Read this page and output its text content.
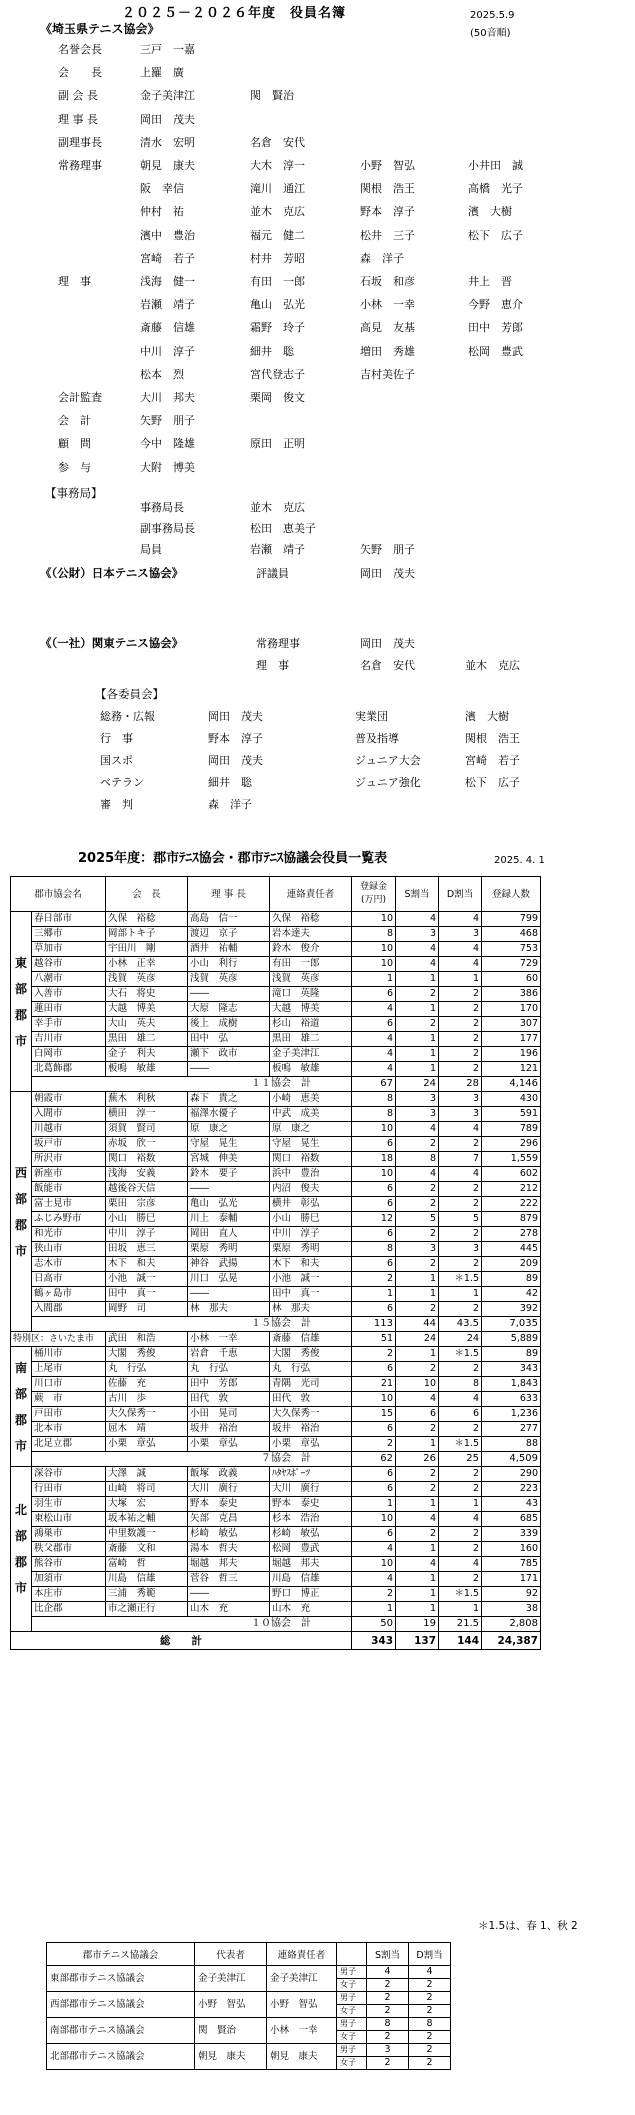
２０２５－２０２６年度　役員名簿	2025.5.9
(50音順)
《埼玉県テニス協会》
名誉会長	三戸　一嘉
会　　長	上羅　廣
副 会 長	金子美津江	関　賢治
理 事 長	岡田　茂夫
副理事長	清水　宏明	名倉　安代
常務理事	朝見　康夫	大木　淳一	小野　智弘	小井田　誠
阪　幸信	滝川　通江	関根　浩王	高橋　光子
仲村　祐	並木　克広	野本　淳子	濱　大樹
濱中　豊治	福元　健二	松井　三子	松下　広子
宮崎　若子	村井　芳昭	森　洋子
理　事	浅海　健一	有田　一郎	石坂　和彦	井上　晋
岩瀬　靖子	亀山　弘光	小林　一幸	今野　恵介
斎藤　信雄	霜野　玲子	高見　友基	田中　芳郎
中川　淳子	細井　聡	増田　秀雄	松岡　豊武
松本　烈	宮代登志子	吉村美佐子
会計監査	大川　邦夫	栗岡　俊文
会　計	矢野　朋子
顧　問	今中　隆雄	原田　正明
参　与	大附　博美
【事務局】
事務局長	並木　克広
副事務局長	松田　恵美子
局員	岩瀬　靖子	矢野　朋子
《（公財）日本テニス協会》	評議員	岡田　茂夫
《（一社）関東テニス協会》	常務理事	岡田　茂夫
理　事	名倉　安代	並木　克広
【各委員会】
総務・広報	岡田　茂夫	実業団	濱　大樹
行　事	野本　淳子	普及指導	関根　浩王
国スポ	岡田　茂夫	ジュニア大会	宮崎　若子
ベテラン	細井　聡	ジュニア強化	松下　広子
審　判	森　洋子
2025年度：郡市ﾃﾆｽ協会・郡市ﾃﾆｽ協議会役員一覧表	2025. 4. 1
郡市協会名		会　長	理 事 長	連絡責任者	登録金
(万円)	S割当	D割当	登録人数

東
部
郡
市	春日部市	久保　裕稔	高島　信一	久保　裕稔	10	4	4	799
	三郷市	岡部トキ子	渡辺　京子	岩本達夫	8	3	3	468
	草加市	宇田川　剛	酒井　祐輔	鈴木　俊介	10	4	4	753
	越谷市	小林　正幸	小山　利行	有田　一郎	10	4	4	729
	八潮市	浅賀　英彦	浅賀　英彦	浅賀　英彦	1	1	1	60
	入善市	大石　将史	――	滝口　英隆	6	2	2	386
	蓮田市	大越　博美	大原　隆志	大越　博美	4	1	2	170
	幸手市	大山　英夫	後上　成樹	杉山　裕道	6	2	2	307
	吉川市	黒田　雄二	田中　弘	黒田　雄二	4	1	2	177
	白岡市	金子　利夫	瀬下　政市	金子美津江	4	1	2	196
	北葛飾郡	板鳴　敏雄	――	板鳴　敏雄	4	1	2	121
	１１協会　計				67	24	28	4,146

西
部
郡
市	朝霞市	蕪木　利秋	森下　貴之	小崎　恵美	8	3	3	430
	入間市	横田　淳一	福澤水優子	中武　成美	8	3	3	591
	川越市	須賀　賢司	原　康之	原　康之	10	4	4	789
	坂戸市	赤坂　欣一	守屋　晃生	守屋　晃生	6	2	2	296
	所沢市	関口　裕数	宮城　伸美	関口　裕数	18	8	7	1,559
	新座市	浅海　安義	鈴木　要子	浜中　豊治	10	4	4	602
	飯能市	越後谷天信	――	内沼　俊夫	6	2	2	212
	富士見市	栗田　宗彦	亀山　弘光	横井　彰弘	6	2	2	222
	ふじみ野市	小山　勝巳	川上　泰輔	小山　勝巳	12	5	5	879
	和光市	中川　淳子	岡田　直人	中川　淳子	6	2	2	278
	狭山市	田坂　恵三	栗原　秀明	栗原　秀明	8	3	3	445
	志木市	木下　和夫	神谷　武揚	木下　和夫	6	2	2	209
	日高市	小池　誠一	川口　弘晃	小池　誠一	2	1	＊1.5	89
	鶴ヶ島市	田中　真一	――	田中　真一	1	1	1	42
	入間郡	岡野　司	林　那夫	林　那夫	6	2	2	392
	１５協会　計				113	44	43.5	7,035
特別区：さいたま市		武田　和浩	小林　一幸	斎藤　信雄	51	24	24	5,889

南
部
郡
市	桶川市	大閣　秀俊	岩倉　千恵	大閣　秀俊	2	1	＊1.5	89
	上尾市	丸　行弘	丸　行弘	丸　行弘	6	2	2	343
	川口市	佐藤　充	田中　芳郎	青隅　光司	21	10	8	1,843
	蕨　市	古川　歩	田代　敦	田代　敦	10	4	4	633
	戸田市	大久保秀一	小田　晃司	大久保秀一	15	6	6	1,236
	北本市	屈木　靖	坂井　裕治	坂井　裕治	6	2	2	277
	北足立郡	小栗　章弘	小栗　章弘	小栗　章弘	2	1	＊1.5	88
	７協会　計				62	26	25	4,509

北
部
郡
市	深谷市	大澤　誠	飯塚　政義	ﾊﾀﾔｽﾎﾟｰﾂ	6	2	2	290
	行田市	山崎　将司	大川　廣行	大川　廣行	6	2	2	223
	羽生市	大塚　宏	野本　泰史	野本　泰史	1	1	1	43
	東松山市	坂本祐之輔	矢部　克昌	杉本　浩治	10	4	4	685
	鴻巣市	中里数護一	杉崎　敏弘	杉崎　敏弘	6	2	2	339
	秩父郡市	斎藤　文和	湯本　哲夫	松岡　豊武	4	1	2	160
	熊谷市	富崎　哲	堀越　邦夫	堀越　邦夫	10	4	4	785
	加須市	川島　信雄	菅谷　哲三	川島　信雄	4	1	2	171
	本庄市	三浦　秀範	――	野口　博正	2	1	＊1.5	92
	比企郡	市之瀬正行	山木　充	山木　充	1	1	1	38
	１０協会　計				50	19	21.5	2,808
総　　計					343	137	144	24,387
＊1.5は、春 1、秋 2
郡市テニス協議会	代表者	連絡責任者		S割当	D割当
東部郡市テニス協議会	金子美津江	金子美津江	男子	4	4
			女子	2	2
西部郡市テニス協議会	小野　智弘	小野　智弘	男子	2	2
			女子	2	2
南部郡市テニス協議会	関　賢治	小林　一幸	男子	8	8
			女子	2	2
北部郡市テニス協議会	朝見　康夫	朝見　康夫	男子	3	2
			女子	2	2
